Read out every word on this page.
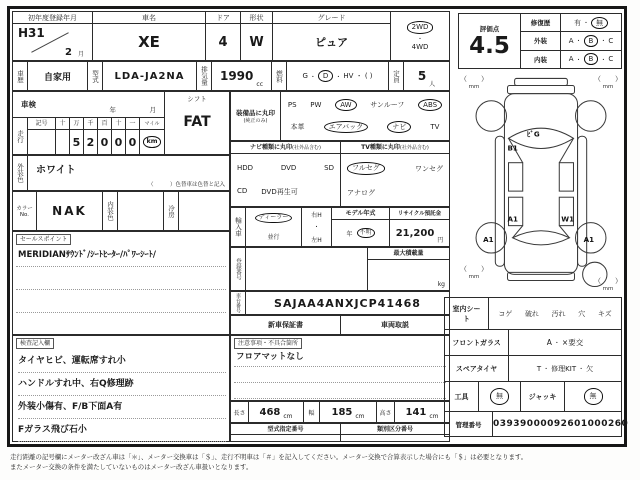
初年度登録年月
H31
2 月
車名
XE
ドア
4
形状
W
グレード
ピュア
2WD
・
4WD
車歴	自家用	型式	LDA-JA2NA	排気量 1990
cc
燃料	G ・	D	・ HV ・ ( )	定員	5
人
車検
年	月
走行
記号	十	万
5
千
2
百
0
十
0
一
0
マイル
km
シフト
FAT
外装色	ホワイト
（　　　）色替車は色替と記入
カラー
No. NAK	内装色	冷房
セールスポイント
MERIDIANｻｳﾝﾄﾞ/ｼｰﾄﾋｰﾀｰ/ﾊﾟﾜｰｼｰﾄ/
検査記入欄
タイヤヒビ、運転席すれ小
ハンドルすれ中、右Q修理跡
外装小傷有、F/B下面A有
Fガラス飛び石小
装備品に丸印
(純正のみ)
PS PW	AW	サンルーフ	ABS
本革	エアバック	ナビ	TV
ナビ種類に丸印(社外品含む)
HDD	DVD	SD
CD DVD再生可
TV種類に丸印(社外品含む)
フルセグ	ワンセグ
アナログ
輸入車
ディーラー
並行
右H
・
左H
モデル年式
年	不明
リサイクル預託金
21,200
円
登録番号
最大積載量
kg
車台番号	SAJAA4ANXJCP41468
新車保証書	車両取説
注意事項・不具合箇所
フロアマットなし
長さ 468 cm	幅 185 cm 高さ 141 cm
型式指定番号	類別区分番号
評価点
4.5
修復歴	有 ・	無
外装	A ・	B	・ C
内装	A ・	B	・ C
（　　）
mm
（　　）
mm
（　　）
mm	（　　）
mm
ﾋﾞG
B1
A1
A1
W1
A1
室内シート
コゲ 破れ 汚れ 穴 キズ
フロントガラス	A ・ ×要交
スペアタイヤ	T ・ 修理KIT ・ 欠
工具	無	ジャッキ	無
管理番号	03939000092601000260
走行距離の記号欄にメーター改ざん車は「＊」、メーター交換車は「＄」、走行不明車は「＃」を記入してください。メーター交換で合算表示した場合にも「＄」は必要となります。
またメーター交換の条件を満たしていないものはメーター改ざん車扱いとなります。
